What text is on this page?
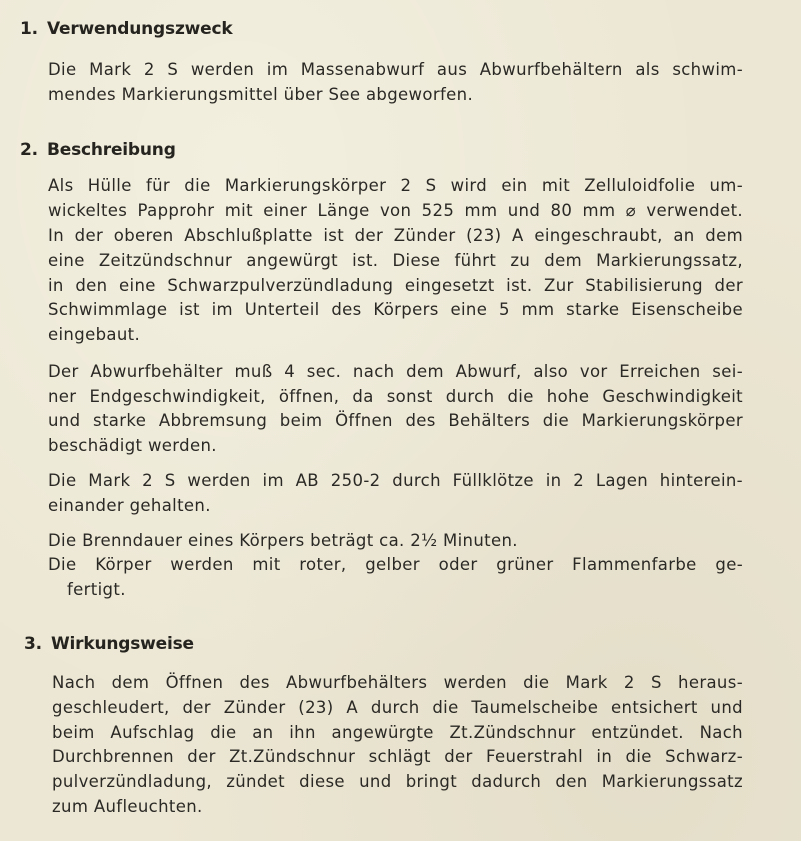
1. Verwendungszweck

Die Mark 2 S werden im Massenabwurf aus Abwurfbehältern als schwim-

mendes Markierungsmittel über See abgeworfen.

2. Beschreibung

Als Hülle für die Markierungskörper 2 S wird ein mit Zelluloidfolie um-

wickeltes Papprohr mit einer Länge von 525 mm und 80 mm ⌀ verwendet.

In der oberen Abschlußplatte ist der Zünder (23) A eingeschraubt, an dem

eine Zeitzündschnur angewürgt ist. Diese führt zu dem Markierungssatz,

in den eine Schwarzpulverzündladung eingesetzt ist. Zur Stabilisierung der

Schwimmlage ist im Unterteil des Körpers eine 5 mm starke Eisenscheibe

eingebaut.

Der Abwurfbehälter muß 4 sec. nach dem Abwurf, also vor Erreichen sei-

ner Endgeschwindigkeit, öffnen, da sonst durch die hohe Geschwindigkeit

und starke Abbremsung beim Öffnen des Behälters die Markierungskörper

beschädigt werden.

Die Mark 2 S werden im AB 250-2 durch Füllklötze in 2 Lagen hinterein-

einander gehalten.

Die Brenndauer eines Körpers beträgt ca. 2½ Minuten.

Die Körper werden mit roter, gelber oder grüner Flammenfarbe ge-

fertigt.

3. Wirkungsweise

Nach dem Öffnen des Abwurfbehälters werden die Mark 2 S heraus-

geschleudert, der Zünder (23) A durch die Taumelscheibe entsichert und

beim Aufschlag die an ihn angewürgte Zt.Zündschnur entzündet. Nach

Durchbrennen der Zt.Zündschnur schlägt der Feuerstrahl in die Schwarz-

pulverzündladung, zündet diese und bringt dadurch den Markierungssatz

zum Aufleuchten.
